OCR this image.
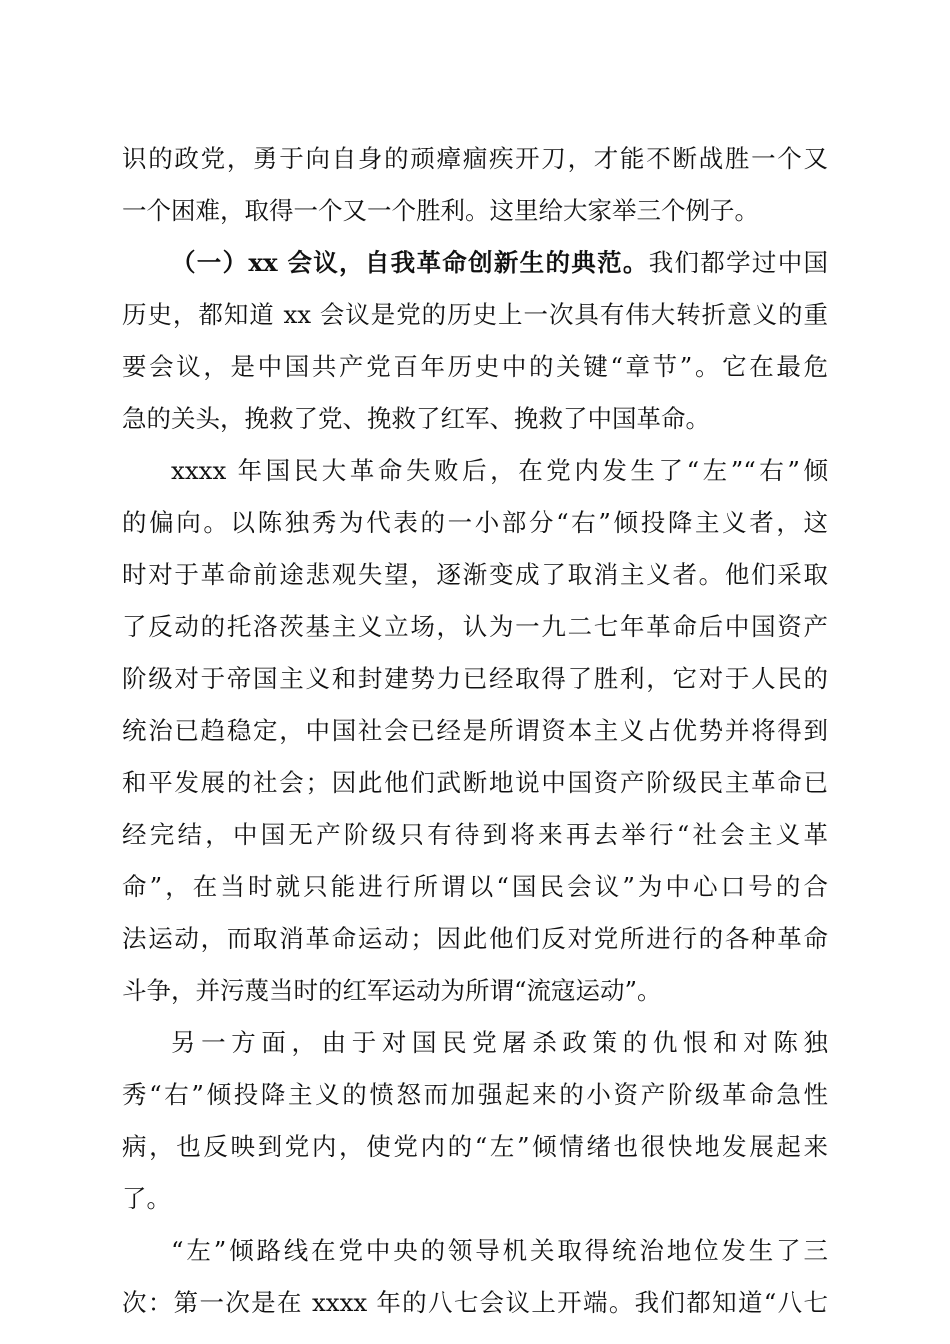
识的政党，勇于向自身的顽瘴痼疾开刀，才能不断战胜一个又
一个困难，取得一个又一个胜利。这里给大家举三个例子。
（一）xx 会议，自我革命创新生的典范。我们都学过中国
历史，都知道 xx 会议是党的历史上一次具有伟大转折意义的重
要会议，是中国共产党百年历史中的关键“章节”。它在最危
急的关头，挽救了党、挽救了红军、挽救了中国革命。
xxxx 年国民大革命失败后，在党内发生了“左”“右”倾
的偏向。以陈独秀为代表的一小部分“右”倾投降主义者，这
时对于革命前途悲观失望，逐渐变成了取消主义者。他们采取
了反动的托洛茨基主义立场，认为一九二七年革命后中国资产
阶级对于帝国主义和封建势力已经取得了胜利，它对于人民的
统治已趋稳定，中国社会已经是所谓资本主义占优势并将得到
和平发展的社会；因此他们武断地说中国资产阶级民主革命已
经完结，中国无产阶级只有待到将来再去举行“社会主义革
命”，在当时就只能进行所谓以“国民会议”为中心口号的合
法运动，而取消革命运动；因此他们反对党所进行的各种革命
斗争，并污蔑当时的红军运动为所谓“流寇运动”。
另一方面，由于对国民党屠杀政策的仇恨和对陈独
秀“右”倾投降主义的愤怒而加强起来的小资产阶级革命急性
病，也反映到党内，使党内的“左”倾情绪也很快地发展起来
了。
“左”倾路线在党中央的领导机关取得统治地位发生了三
次：第一次是在 xxxx 年的八七会议上开端。我们都知道“八七
